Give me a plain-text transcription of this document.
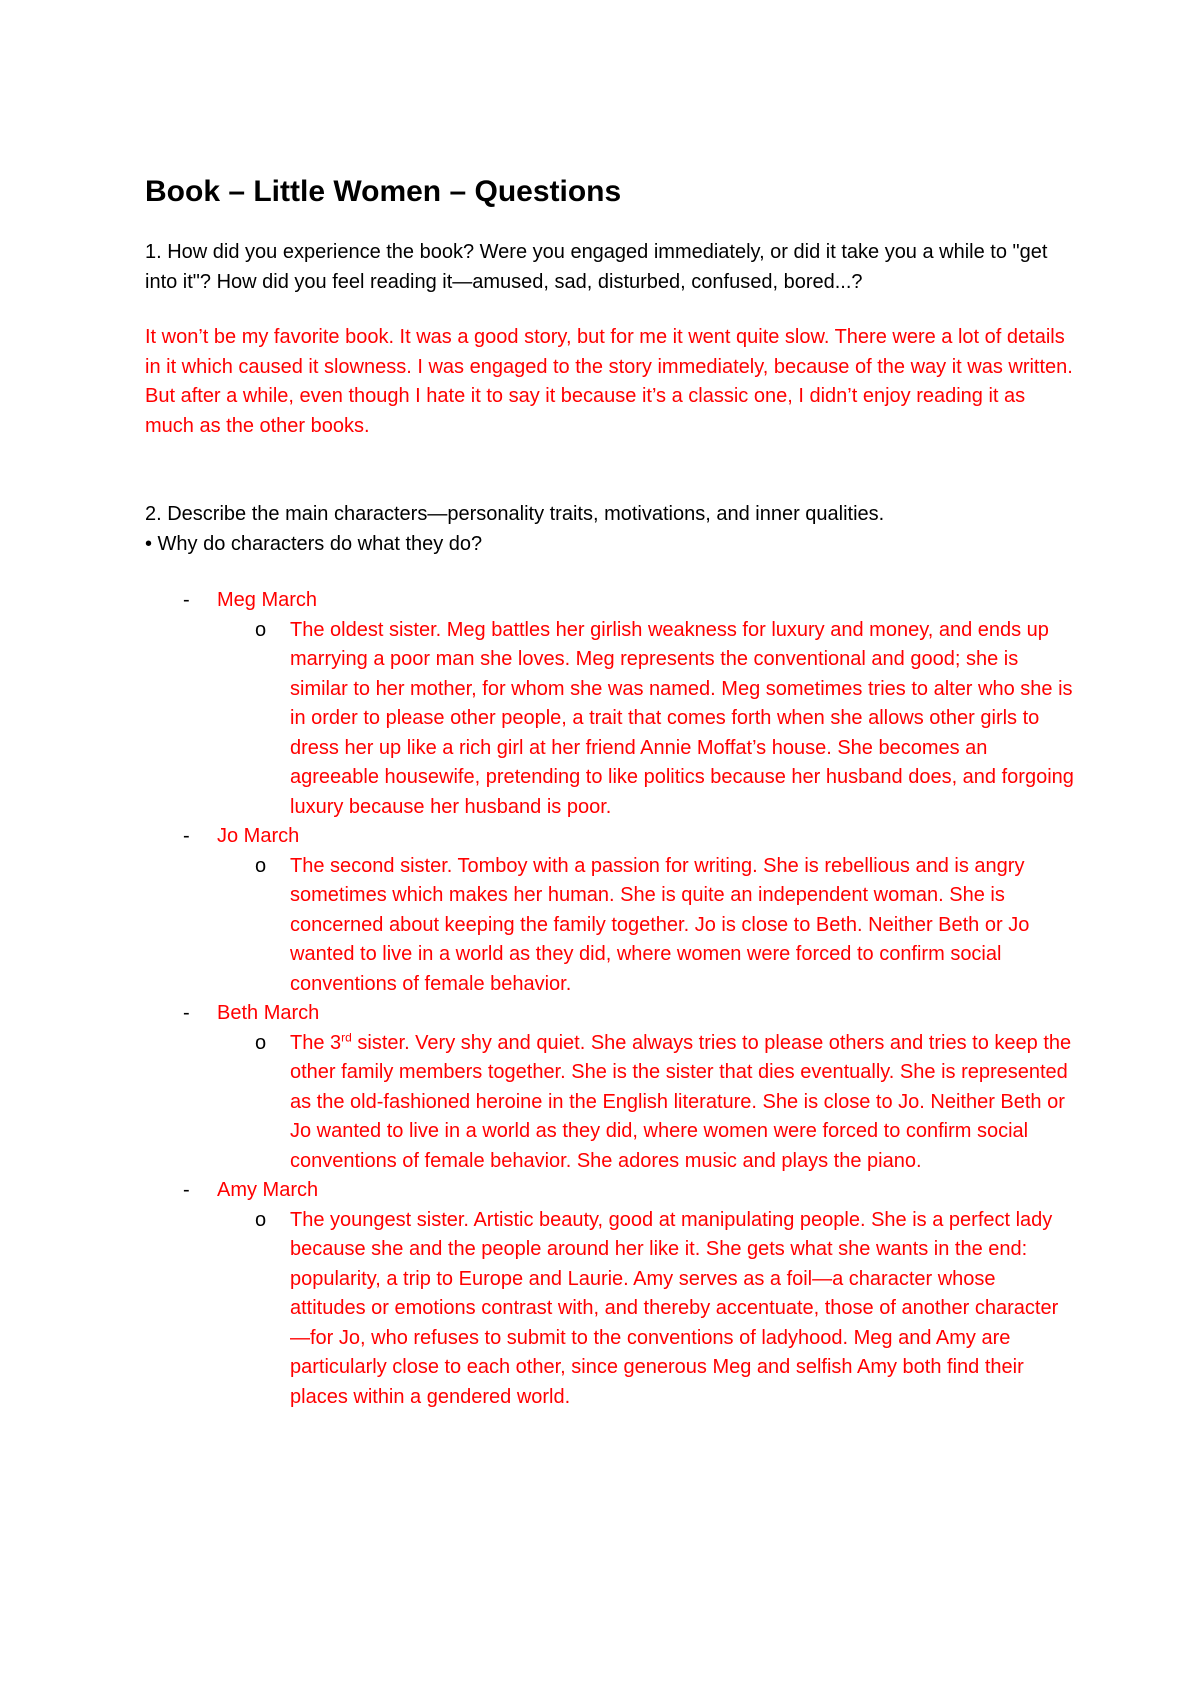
Book – Little Women – Questions

1. How did you experience the book? Were you engaged immediately, or did it take you a while to "get into it"? How did you feel reading it—amused, sad, disturbed, confused, bored...?

It won’t be my favorite book. It was a good story, but for me it went quite slow. There were a lot of details in it which caused it slowness. I was engaged to the story immediately, because of the way it was written. But after a while, even though I hate it to say it because it’s a classic one, I didn’t enjoy reading it as much as the other books.

2. Describe the main characters—personality traits, motivations, and inner qualities.

• Why do characters do what they do?

-	Meg March
o	The oldest sister. Meg battles her girlish weakness for luxury and money, and ends up marrying a poor man she loves. Meg represents the conventional and good; she is similar to her mother, for whom she was named. Meg sometimes tries to alter who she is in order to please other people, a trait that comes forth when she allows other girls to dress her up like a rich girl at her friend Annie Moffat’s house. She becomes an agreeable housewife, pretending to like politics because her husband does, and forgoing luxury because her husband is poor.
-	Jo March
o	The second sister. Tomboy with a passion for writing. She is rebellious and is angry sometimes which makes her human. She is quite an independent woman. She is concerned about keeping the family together. Jo is close to Beth. Neither Beth or Jo wanted to live in a world as they did, where women were forced to confirm social conventions of female behavior.
-	Beth March
o	The 3rd sister. Very shy and quiet. She always tries to please others and tries to keep the other family members together. She is the sister that dies eventually. She is represented as the old-fashioned heroine in the English literature. She is close to Jo. Neither Beth or Jo wanted to live in a world as they did, where women were forced to confirm social conventions of female behavior. She adores music and plays the piano.
-	Amy March
o	The youngest sister. Artistic beauty, good at manipulating people. She is a perfect lady because she and the people around her like it. She gets what she wants in the end: popularity, a trip to Europe and Laurie. Amy serves as a foil—a character whose attitudes or emotions contrast with, and thereby accentuate, those of another character—for Jo, who refuses to submit to the conventions of ladyhood. Meg and Amy are particularly close to each other, since generous Meg and selfish Amy both find their places within a gendered world.
